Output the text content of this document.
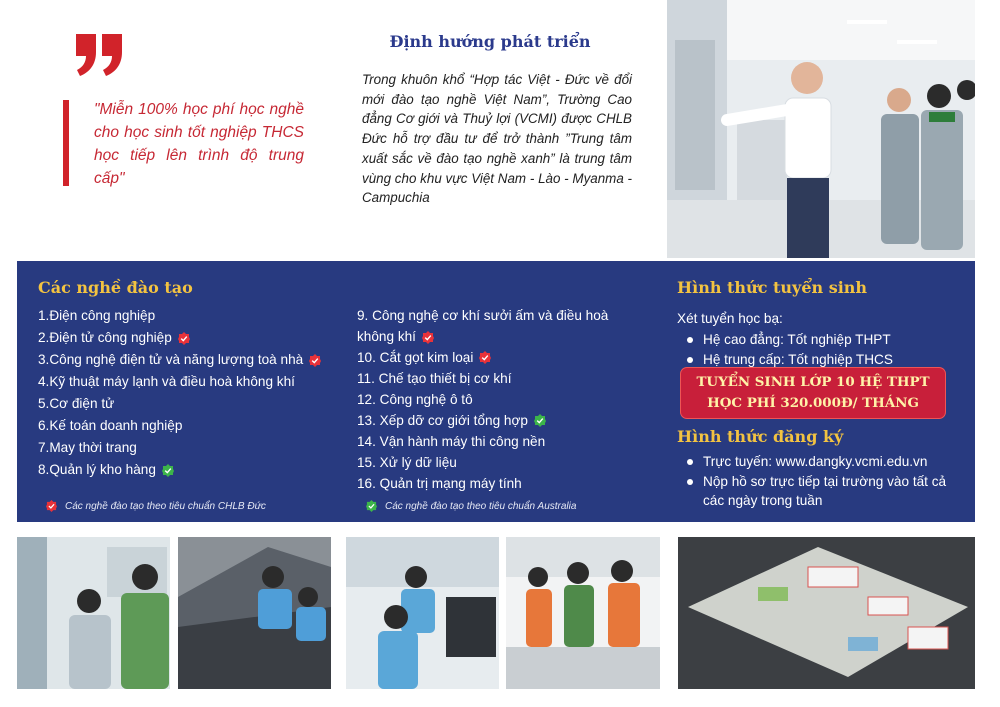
"Miễn 100% học phí học nghề cho học sinh tốt nghiệp THCS học tiếp lên trình độ trung cấp"
Định hướng phát triển
Trong khuôn khổ “Hợp tác Việt - Đức về đổi mới đào tạo nghề Việt Nam”, Trường Cao đẳng Cơ giới và Thuỷ lợi (VCMI) được CHLB Đức hỗ trợ đầu tư để trở thành ”Trung tâm xuất sắc về đào tạo nghề xanh” là trung tâm vùng cho khu vực Việt Nam - Lào - Myanma - Campuchia
Các nghề đào tạo
1.Điện công nghiệp
2.Điện tử công nghiệp
3.Công nghệ điện tử và năng lượng toà nhà
4.Kỹ thuật máy lạnh và điều hoà không khí
5.Cơ điện tử
6.Kế toán doanh nghiệp
7.May thời trang
8.Quản lý kho hàng
9. Công nghệ cơ khí sưởi ấm và điều hoà không khí
10. Cắt gọt kim loại
11. Chế tạo thiết bị cơ khí
12. Công nghệ ô tô
13. Xếp dỡ cơ giới tổng hợp
14. Vận hành máy thi công nền
15. Xử lý dữ liệu
16. Quản trị mạng máy tính
Các nghề đào tạo theo tiêu chuẩn CHLB Đức	Các nghề đào tạo theo tiêu chuẩn Australia
Hình thức tuyển sinh
Xét tuyển học bạ:
Hệ cao đẳng: Tốt nghiệp THPT
Hệ trung cấp: Tốt nghiệp THCS
TUYỂN SINH LỚP 10 HỆ THPT
HỌC PHÍ 320.000Đ/ THÁNG
Hình thức đăng ký
Trực tuyến: www.dangky.vcmi.edu.vn
Nộp hồ sơ trực tiếp tại trường vào tất cả các ngày trong tuần
